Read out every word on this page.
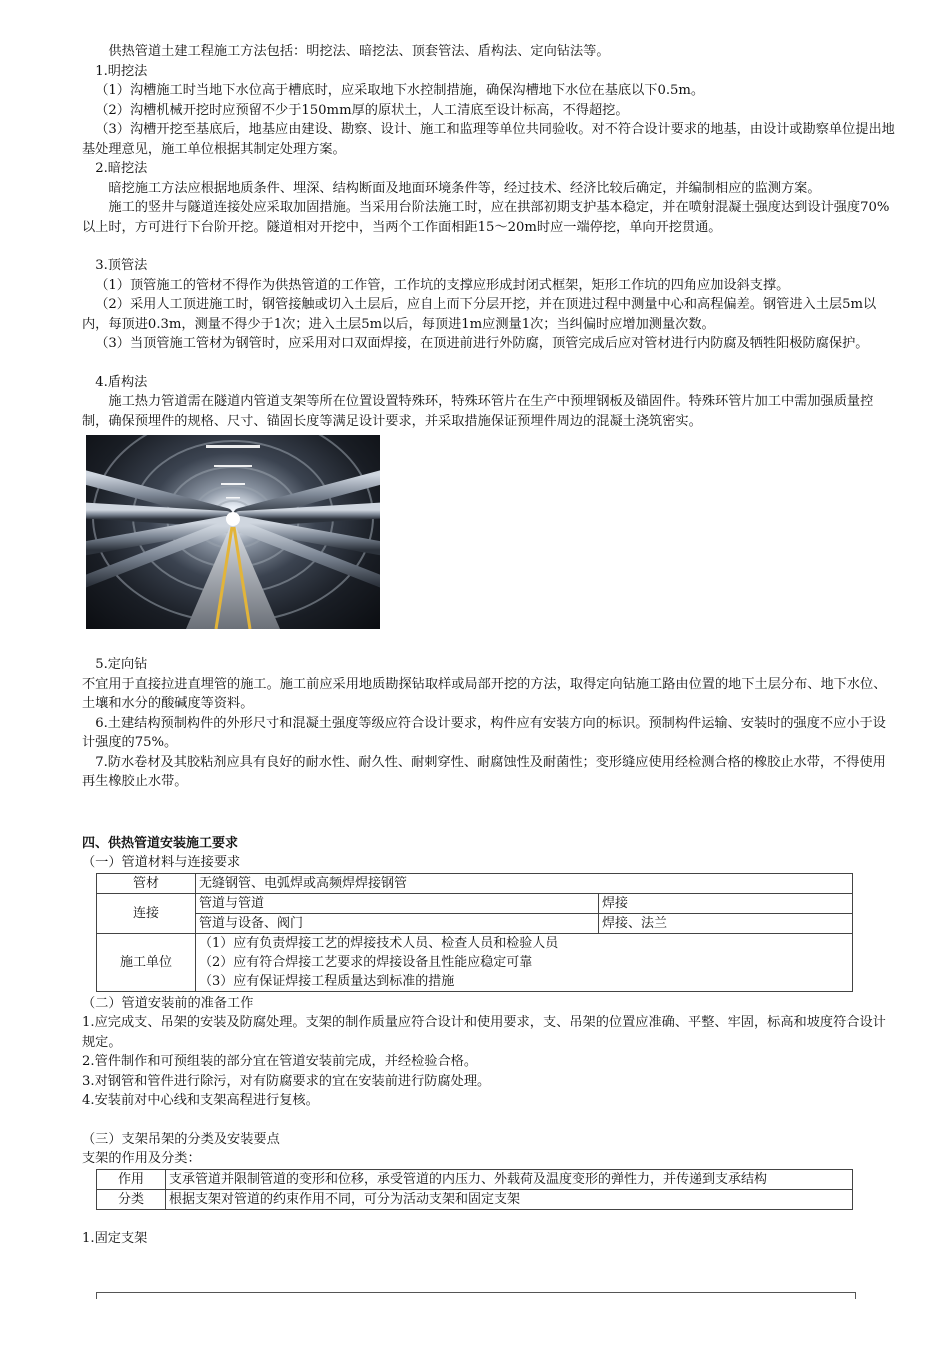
供热管道土建工程施工方法包括：明挖法、暗挖法、顶套管法、盾构法、定向钻法等。

1.明挖法

（1）沟槽施工时当地下水位高于槽底时，应采取地下水控制措施，确保沟槽地下水位在基底以下0.5m。

（2）沟槽机械开挖时应预留不少于150mm厚的原状土，人工清底至设计标高，不得超挖。

（3）沟槽开挖至基底后，地基应由建设、勘察、设计、施工和监理等单位共同验收。对不符合设计要求的地基，由设计或勘察单位提出地基处理意见，施工单位根据其制定处理方案。

2.暗挖法

暗挖施工方法应根据地质条件、埋深、结构断面及地面环境条件等，经过技术、经济比较后确定，并编制相应的监测方案。

施工的竖井与隧道连接处应采取加固措施。当采用台阶法施工时，应在拱部初期支护基本稳定，并在喷射混凝土强度达到设计强度70%以上时，方可进行下台阶开挖。隧道相对开挖中，当两个工作面相距15～20m时应一端停挖，单向开挖贯通。

3.顶管法

（1）顶管施工的管材不得作为供热管道的工作管，工作坑的支撑应形成封闭式框架，矩形工作坑的四角应加设斜支撑。

（2）采用人工顶进施工时，钢管接触或切入土层后，应自上而下分层开挖，并在顶进过程中测量中心和高程偏差。钢管进入土层5m以内，每顶进0.3m，测量不得少于1次；进入土层5m以后，每顶进1m应测量1次；当纠偏时应增加测量次数。

（3）当顶管施工管材为钢管时，应采用对口双面焊接，在顶进前进行外防腐，顶管完成后应对管材进行内防腐及牺牲阳极防腐保护。

4.盾构法

施工热力管道需在隧道内管道支架等所在位置设置特殊环，特殊环管片在生产中预埋钢板及锚固件。特殊环管片加工中需加强质量控制，确保预埋件的规格、尺寸、锚固长度等满足设计要求，并采取措施保证预埋件周边的混凝土浇筑密实。

5.定向钻

不宜用于直接拉进直埋管的施工。施工前应采用地质勘探钻取样或局部开挖的方法，取得定向钻施工路由位置的地下土层分布、地下水位、土壤和水分的酸碱度等资料。

6.土建结构预制构件的外形尺寸和混凝土强度等级应符合设计要求，构件应有安装方向的标识。预制构件运输、安装时的强度不应小于设计强度的75%。

7.防水卷材及其胶粘剂应具有良好的耐水性、耐久性、耐刺穿性、耐腐蚀性及耐菌性；变形缝应使用经检测合格的橡胶止水带，不得使用再生橡胶止水带。

四、供热管道安装施工要求

（一）管道材料与连接要求

管材	无缝钢管、电弧焊或高频焊焊接钢管	
连接	管道与管道	焊接
	管道与设备、阀门	焊接、法兰
施工单位	（1）应有负责焊接工艺的焊接技术人员、检查人员和检验人员
（2）应有符合焊接工艺要求的焊接设备且性能应稳定可靠
（3）应有保证焊接工程质量达到标准的措施	

（二）管道安装前的准备工作

1.应完成支、吊架的安装及防腐处理。支架的制作质量应符合设计和使用要求，支、吊架的位置应准确、平整、牢固，标高和坡度符合设计规定。

2.管件制作和可预组装的部分宜在管道安装前完成，并经检验合格。

3.对钢管和管件进行除污，对有防腐要求的宜在安装前进行防腐处理。

4.安装前对中心线和支架高程进行复核。

（三）支架吊架的分类及安装要点

支架的作用及分类：

作用	支承管道并限制管道的变形和位移，承受管道的内压力、外载荷及温度变形的弹性力，并传递到支承结构
分类	根据支架对管道的约束作用不同，可分为活动支架和固定支架

1.固定支架
